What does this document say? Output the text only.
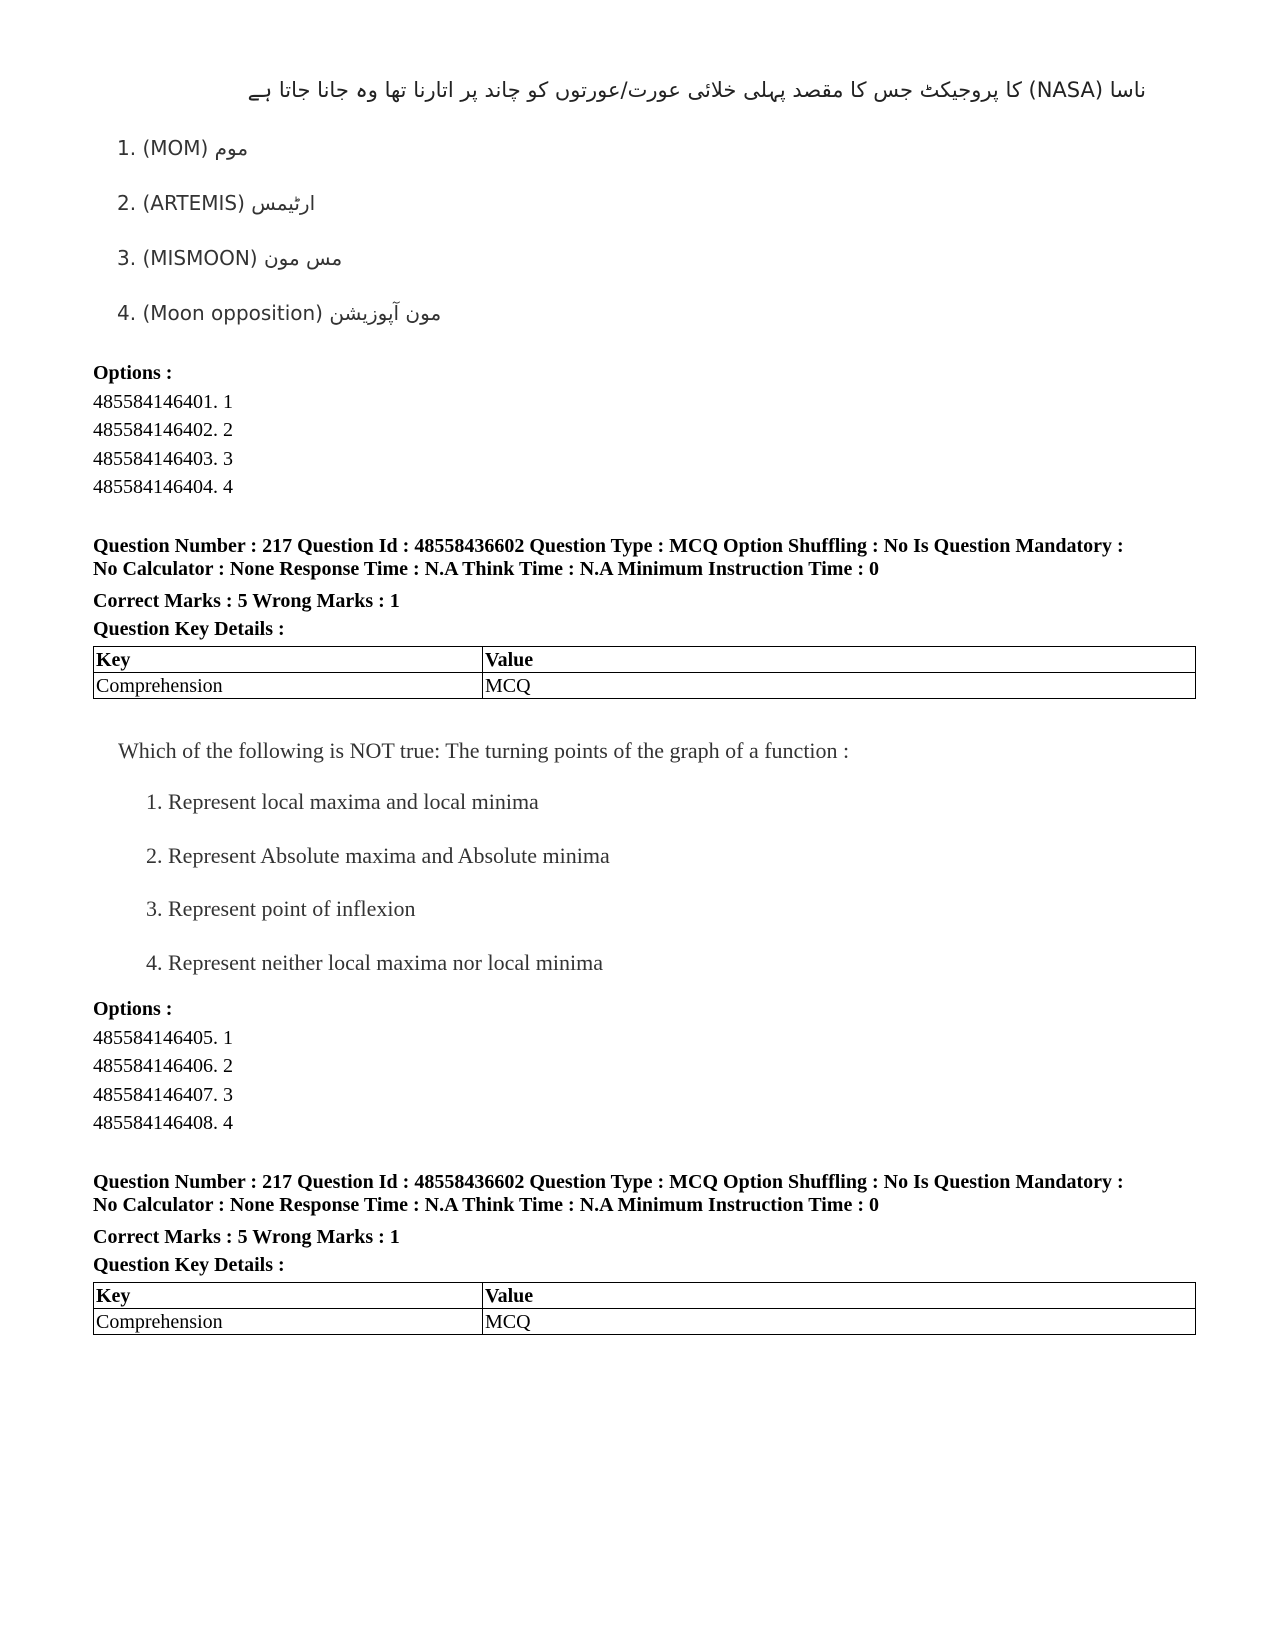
ناسا (NASA) کا پروجیکٹ جس کا مقصد پہلی خلائی عورت/عورتوں کو چاند پر اتارنا تھا وہ جانا جاتا ہے
1. (MOM) موم
2. (ARTEMIS) ارٹیمس
3. (MISMOON) مس مون
4. (Moon opposition) مون آپوزیشن
Options :
485584146401. 1
485584146402. 2
485584146403. 3
485584146404. 4
Question Number : 217 Question Id : 48558436602 Question Type : MCQ Option Shuffling : No Is Question Mandatory :
No Calculator : None Response Time : N.A Think Time : N.A Minimum Instruction Time : 0
Correct Marks : 5 Wrong Marks : 1
Question Key Details :
Key	Value
Comprehension	MCQ
Which of the following is NOT true: The turning points of the graph of a function :
1. Represent local maxima and local minima
2. Represent Absolute maxima and Absolute minima
3. Represent point of inflexion
4. Represent neither local maxima nor local minima
Options :
485584146405. 1
485584146406. 2
485584146407. 3
485584146408. 4
Question Number : 217 Question Id : 48558436602 Question Type : MCQ Option Shuffling : No Is Question Mandatory :
No Calculator : None Response Time : N.A Think Time : N.A Minimum Instruction Time : 0
Correct Marks : 5 Wrong Marks : 1
Question Key Details :
Key	Value
Comprehension	MCQ
